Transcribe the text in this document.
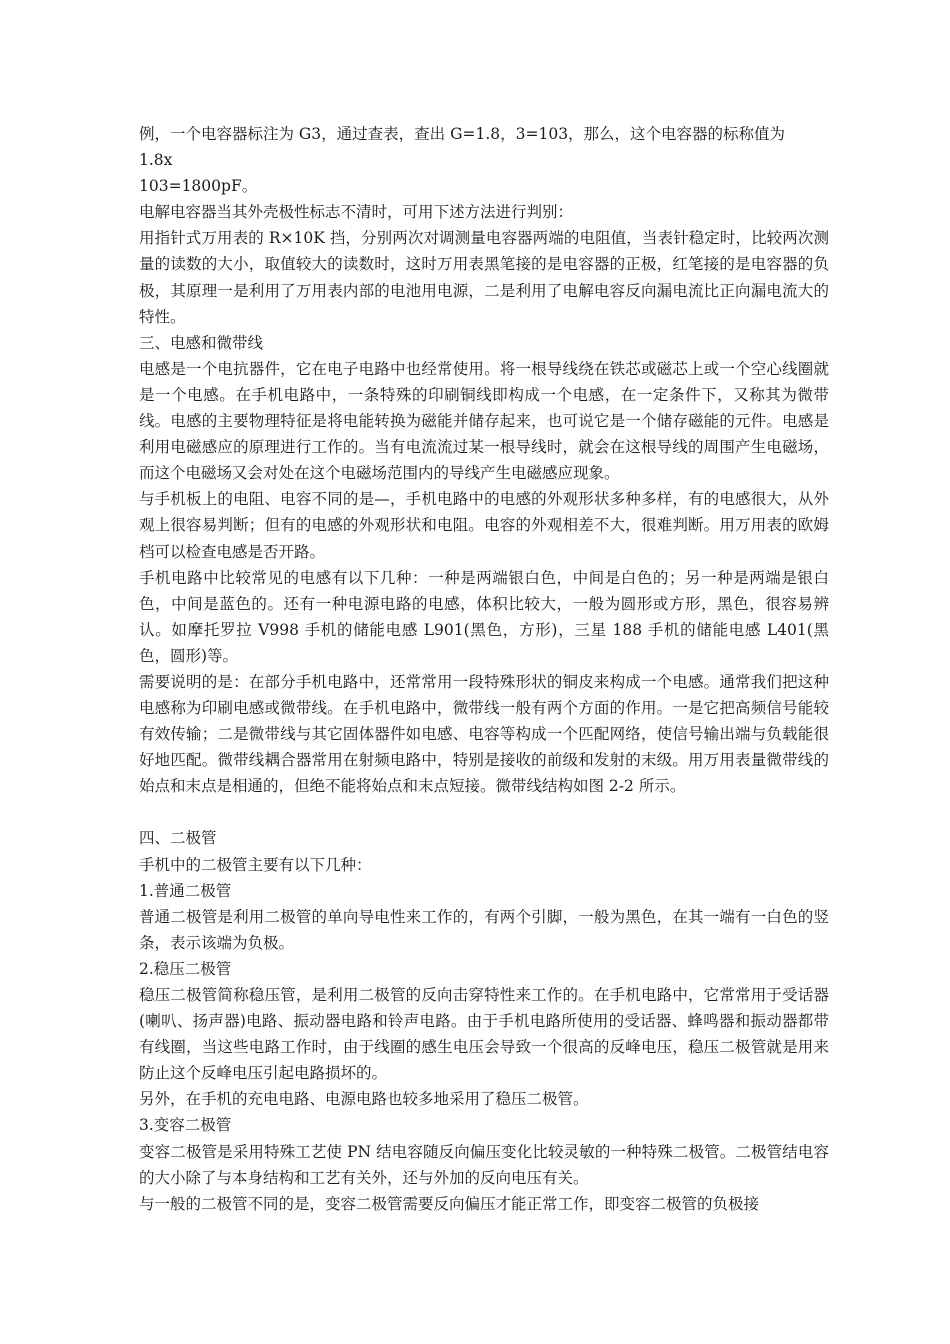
例，一个电容器标注为 G3，通过查表，查出 G=1.8，3=103，那么，这个电容器的标称值为
1.8x
103=1800pF。

电解电容器当其外壳极性标志不清时，可用下述方法进行判别：

用指针式万用表的 R×10K 挡，分别两次对调测量电容器两端的电阻值，当表针稳定时，比较两次测量的读数的大小，取值较大的读数时，这时万用表黑笔接的是电容器的正极，红笔接的是电容器的负极，其原理一是利用了万用表内部的电池用电源，二是利用了电解电容反向漏电流比正向漏电流大的特性。

三、电感和微带线

电感是一个电抗器件，它在电子电路中也经常使用。将一根导线绕在铁芯或磁芯上或一个空心线圈就是一个电感。在手机电路中，一条特殊的印刷铜线即构成一个电感，在一定条件下，又称其为微带线。电感的主要物理特征是将电能转换为磁能并储存起来，也可说它是一个储存磁能的元件。电感是利用电磁感应的原理进行工作的。当有电流流过某一根导线时，就会在这根导线的周围产生电磁场，而这个电磁场又会对处在这个电磁场范围内的导线产生电磁感应现象。

与手机板上的电阻、电容不同的是—，手机电路中的电感的外观形状多种多样，有的电感很大，从外观上很容易判断；但有的电感的外观形状和电阻。电容的外观相差不大，很难判断。用万用表的欧姆档可以检查电感是否开路。

手机电路中比较常见的电感有以下几种：一种是两端银白色，中间是白色的；另一种是两端是银白色，中间是蓝色的。还有一种电源电路的电感，体积比较大，一般为圆形或方形，黑色，很容易辨认。如摩托罗拉 V998 手机的储能电感 L901(黑色，方形)，三星 188 手机的储能电感 L401(黑色，圆形)等。

需要说明的是：在部分手机电路中，还常常用一段特殊形状的铜皮来构成一个电感。通常我们把这种电感称为印刷电感或微带线。在手机电路中，微带线一般有两个方面的作用。一是它把高频信号能较有效传输；二是微带线与其它固体器件如电感、电容等构成一个匹配网络，使信号输出端与负载能很好地匹配。微带线耦合器常用在射频电路中，特别是接收的前级和发射的末级。用万用表量微带线的始点和末点是相通的，但绝不能将始点和末点短接。微带线结构如图 2-2 所示。

四、二极管

手机中的二极管主要有以下几种：

1.普通二极管

普通二极管是利用二极管的单向导电性来工作的，有两个引脚，一般为黑色，在其一端有一白色的竖条，表示该端为负极。

2.稳压二极管

稳压二极管简称稳压管，是利用二极管的反向击穿特性来工作的。在手机电路中，它常常用于受话器(喇叭、扬声器)电路、振动器电路和铃声电路。由于手机电路所使用的受话器、蜂鸣器和振动器都带有线圈，当这些电路工作时，由于线圈的感生电压会导致一个很高的反峰电压，稳压二极管就是用来防止这个反峰电压引起电路损坏的。

另外，在手机的充电电路、电源电路也较多地采用了稳压二极管。

3.变容二极管

变容二极管是采用特殊工艺使 PN 结电容随反向偏压变化比较灵敏的一种特殊二极管。二极管结电容的大小除了与本身结构和工艺有关外，还与外加的反向电压有关。

与一般的二极管不同的是，变容二极管需要反向偏压才能正常工作，即变容二极管的负极接
